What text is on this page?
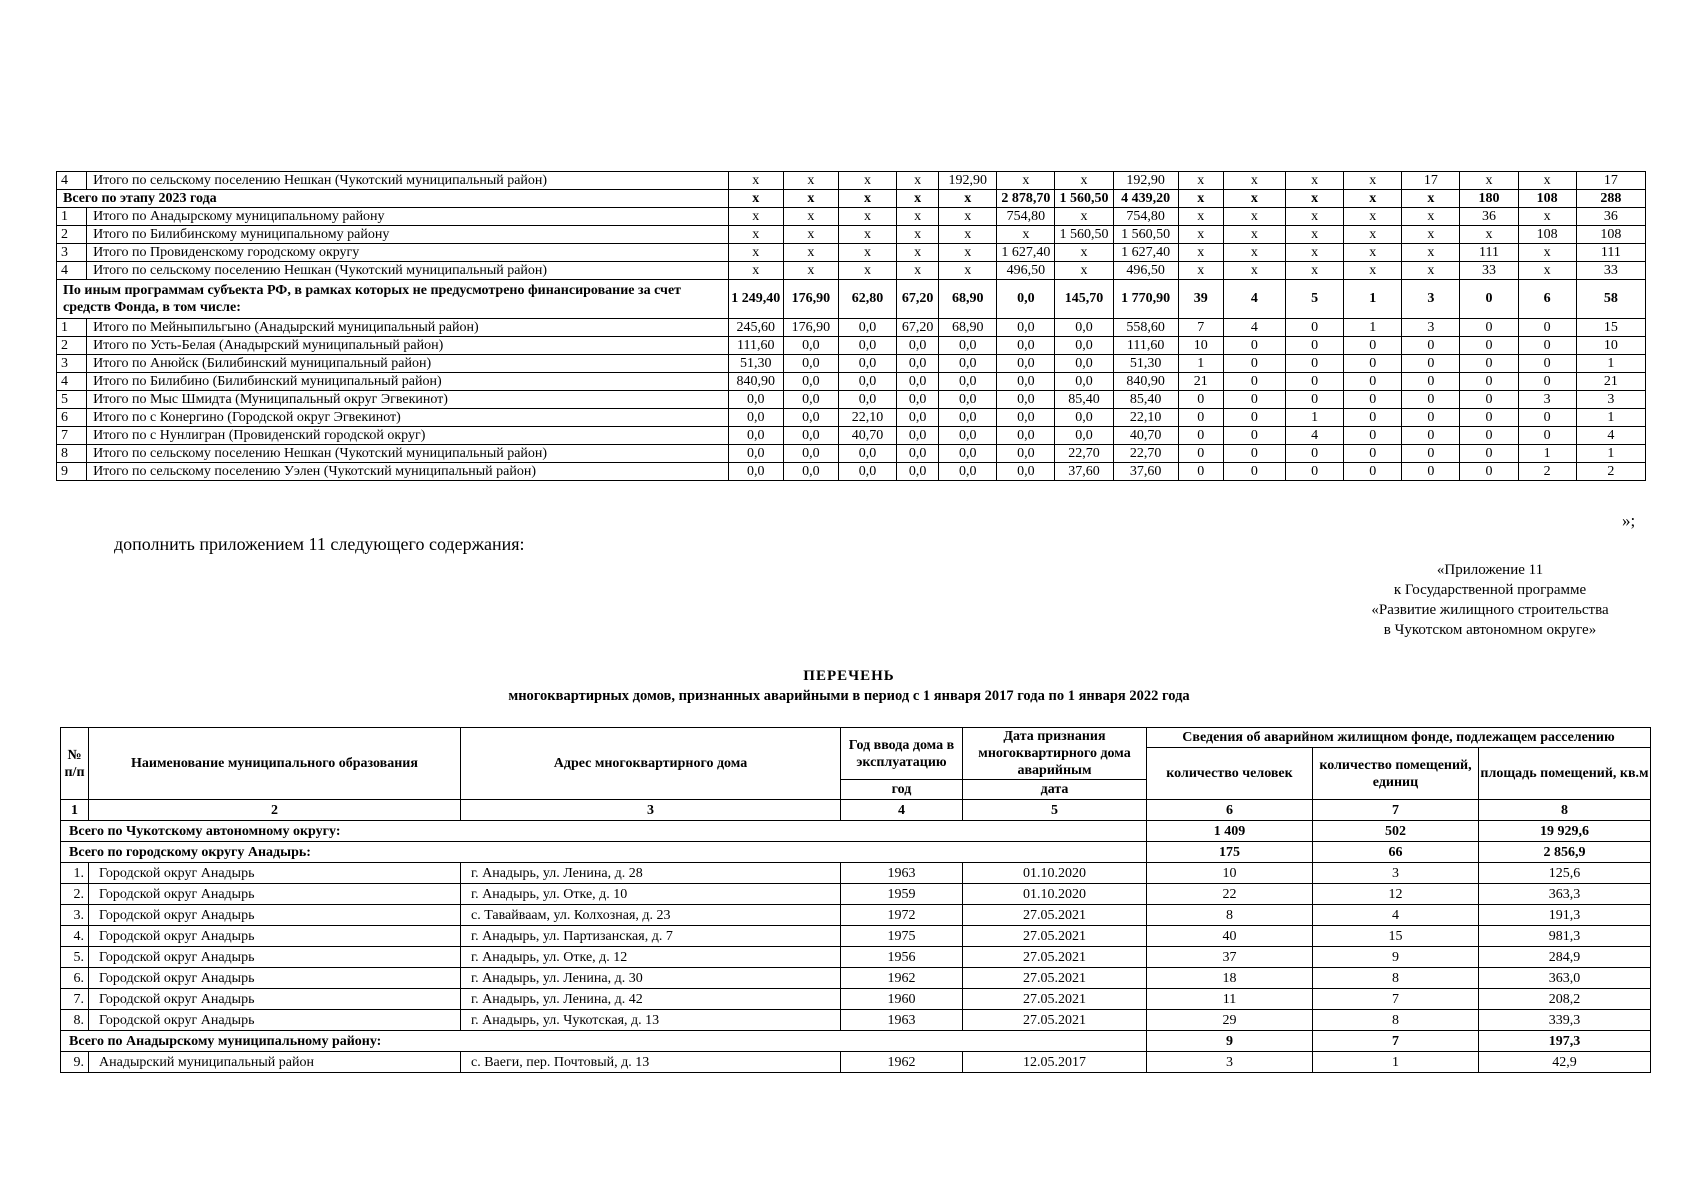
4	Итого по сельскому поселению Нешкан (Чукотский муниципальный район)	х	х	х	х	192,90	х	х	192,90	х	х	х	х	17	х	х	17
Всего по этапу 2023 года		х	х	х	х	х	2 878,70	1 560,50	4 439,20	х	х	х	х	х	180	108	288
1	Итого по Анадырскому муниципальному району	х	х	х	х	х	754,80	х	754,80	х	х	х	х	х	36	х	36
2	Итого по Билибинскому муниципальному району	х	х	х	х	х	х	1 560,50	1 560,50	х	х	х	х	х	х	108	108
3	Итого по Провиденскому городскому округу	х	х	х	х	х	1 627,40	х	1 627,40	х	х	х	х	х	111	х	111
4	Итого по сельскому поселению Нешкан (Чукотский муниципальный район)	х	х	х	х	х	496,50	х	496,50	х	х	х	х	х	33	х	33
По иным программам субъекта РФ, в рамках которых не предусмотрено финансирование за счет средств Фонда, в том числе:		1 249,40	176,90	62,80	67,20	68,90	0,0	145,70	1 770,90	39	4	5	1	3	0	6	58
1	Итого по Мейныпильгыно (Анадырский муниципальный район)	245,60	176,90	0,0	67,20	68,90	0,0	0,0	558,60	7	4	0	1	3	0	0	15
2	Итого по Усть-Белая (Анадырский муниципальный район)	111,60	0,0	0,0	0,0	0,0	0,0	0,0	111,60	10	0	0	0	0	0	0	10
3	Итого по Анюйск (Билибинский муниципальный район)	51,30	0,0	0,0	0,0	0,0	0,0	0,0	51,30	1	0	0	0	0	0	0	1
4	Итого по Билибино (Билибинский муниципальный район)	840,90	0,0	0,0	0,0	0,0	0,0	0,0	840,90	21	0	0	0	0	0	0	21
5	Итого по Мыс Шмидта (Муниципальный округ Эгвекинот)	0,0	0,0	0,0	0,0	0,0	0,0	85,40	85,40	0	0	0	0	0	0	3	3
6	Итого по с Конергино (Городской округ Эгвекинот)	0,0	0,0	22,10	0,0	0,0	0,0	0,0	22,10	0	0	1	0	0	0	0	1
7	Итого по с Нунлигран (Провиденский городской округ)	0,0	0,0	40,70	0,0	0,0	0,0	0,0	40,70	0	0	4	0	0	0	0	4
8	Итого по сельскому поселению Нешкан (Чукотский муниципальный район)	0,0	0,0	0,0	0,0	0,0	0,0	22,70	22,70	0	0	0	0	0	0	1	1
9	Итого по сельскому поселению Уэлен (Чукотский муниципальный район)	0,0	0,0	0,0	0,0	0,0	0,0	37,60	37,60	0	0	0	0	0	0	2	2
»;
дополнить приложением 11 следующего содержания:
«Приложение 11
к Государственной программе
«Развитие жилищного строительства
в Чукотском автономном округе»
ПЕРЕЧЕНЬ
многоквартирных домов, признанных аварийными в период с 1 января 2017 года по 1 января 2022 года
№ п/п	Наименование муниципального образования	Адрес многоквартирного дома	Год ввода дома в эксплуатацию	Дата признания многоквартирного дома аварийным	Сведения об аварийном жилищном фонде, подлежащем расселению		
					количество человек	количество помещений, единиц	площадь помещений, кв.м
			год	дата			
1	2	3	4	5	6	7	8
Всего по Чукотскому автономному округу:					1 409	502	19 929,6
Всего по городскому округу Анадырь:					175	66	2 856,9
1.	Городской округ Анадырь	г. Анадырь, ул. Ленина, д. 28	1963	01.10.2020	10	3	125,6
2.	Городской округ Анадырь	г. Анадырь, ул. Отке, д. 10	1959	01.10.2020	22	12	363,3
3.	Городской округ Анадырь	с. Тавайваам, ул. Колхозная, д. 23	1972	27.05.2021	8	4	191,3
4.	Городской округ Анадырь	г. Анадырь, ул. Партизанская, д. 7	1975	27.05.2021	40	15	981,3
5.	Городской округ Анадырь	г. Анадырь, ул. Отке, д. 12	1956	27.05.2021	37	9	284,9
6.	Городской округ Анадырь	г. Анадырь, ул. Ленина, д. 30	1962	27.05.2021	18	8	363,0
7.	Городской округ Анадырь	г. Анадырь, ул. Ленина, д. 42	1960	27.05.2021	11	7	208,2
8.	Городской округ Анадырь	г. Анадырь, ул. Чукотская, д. 13	1963	27.05.2021	29	8	339,3
Всего по Анадырскому муниципальному району:					9	7	197,3
9.	Анадырский муниципальный район	с. Ваеги, пер. Почтовый, д. 13	1962	12.05.2017	3	1	42,9
